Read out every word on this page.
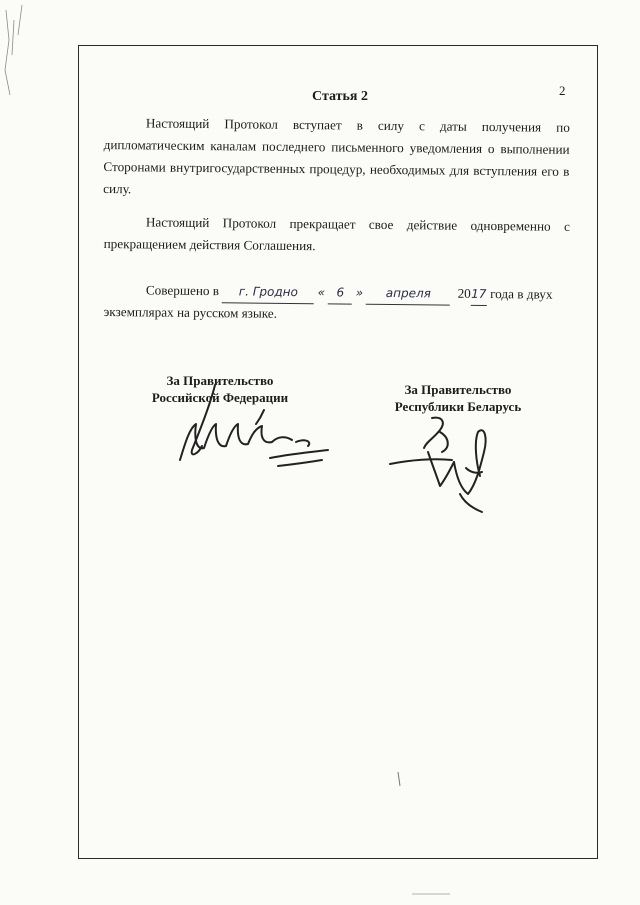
2
Статья 2

Настоящий Протокол вступает в силу с даты получения по дипломатическим каналам последнего письменного уведомления о выполнении Сторонами внутригосударственных процедур, необходимых для вступления его в силу.

Настоящий Протокол прекращает свое действие одновременно с прекращением действия Соглашения.

Совершено в г. Гродно « 6 » апреля 2017 года в двух
экземплярах на русском языке.
За Правительство
Российской Федерации
За Правительство
Республики Беларусь
